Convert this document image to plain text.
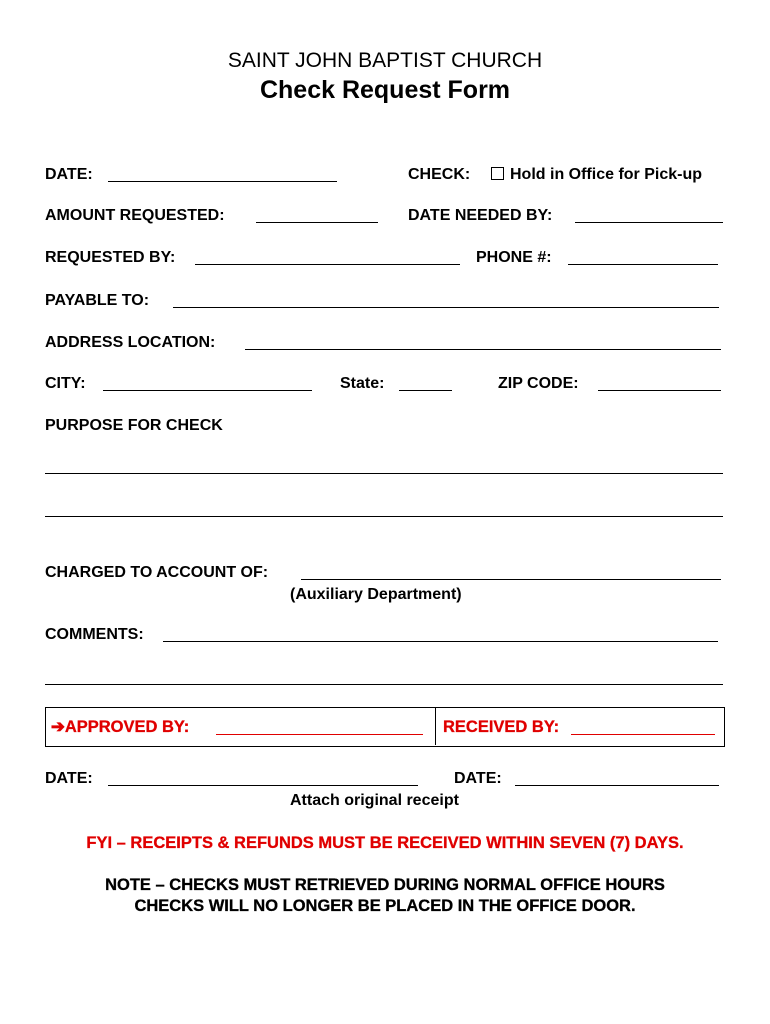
SAINT JOHN BAPTIST CHURCH
Check Request Form
DATE:	CHECK: Hold in Office for Pick-up
AMOUNT REQUESTED:	DATE NEEDED BY:
REQUESTED BY:	PHONE #:
PAYABLE TO:
ADDRESS LOCATION:
CITY:	State:	ZIP CODE:
PURPOSE FOR CHECK
CHARGED TO ACCOUNT OF:
(Auxiliary Department)
COMMENTS:
➔APPROVED BY:	RECEIVED BY:
DATE:	DATE:
Attach original receipt
FYI – RECEIPTS & REFUNDS MUST BE RECEIVED WITHIN SEVEN (7) DAYS.
NOTE – CHECKS MUST RETRIEVED DURING NORMAL OFFICE HOURS
CHECKS WILL NO LONGER BE PLACED IN THE OFFICE DOOR.
